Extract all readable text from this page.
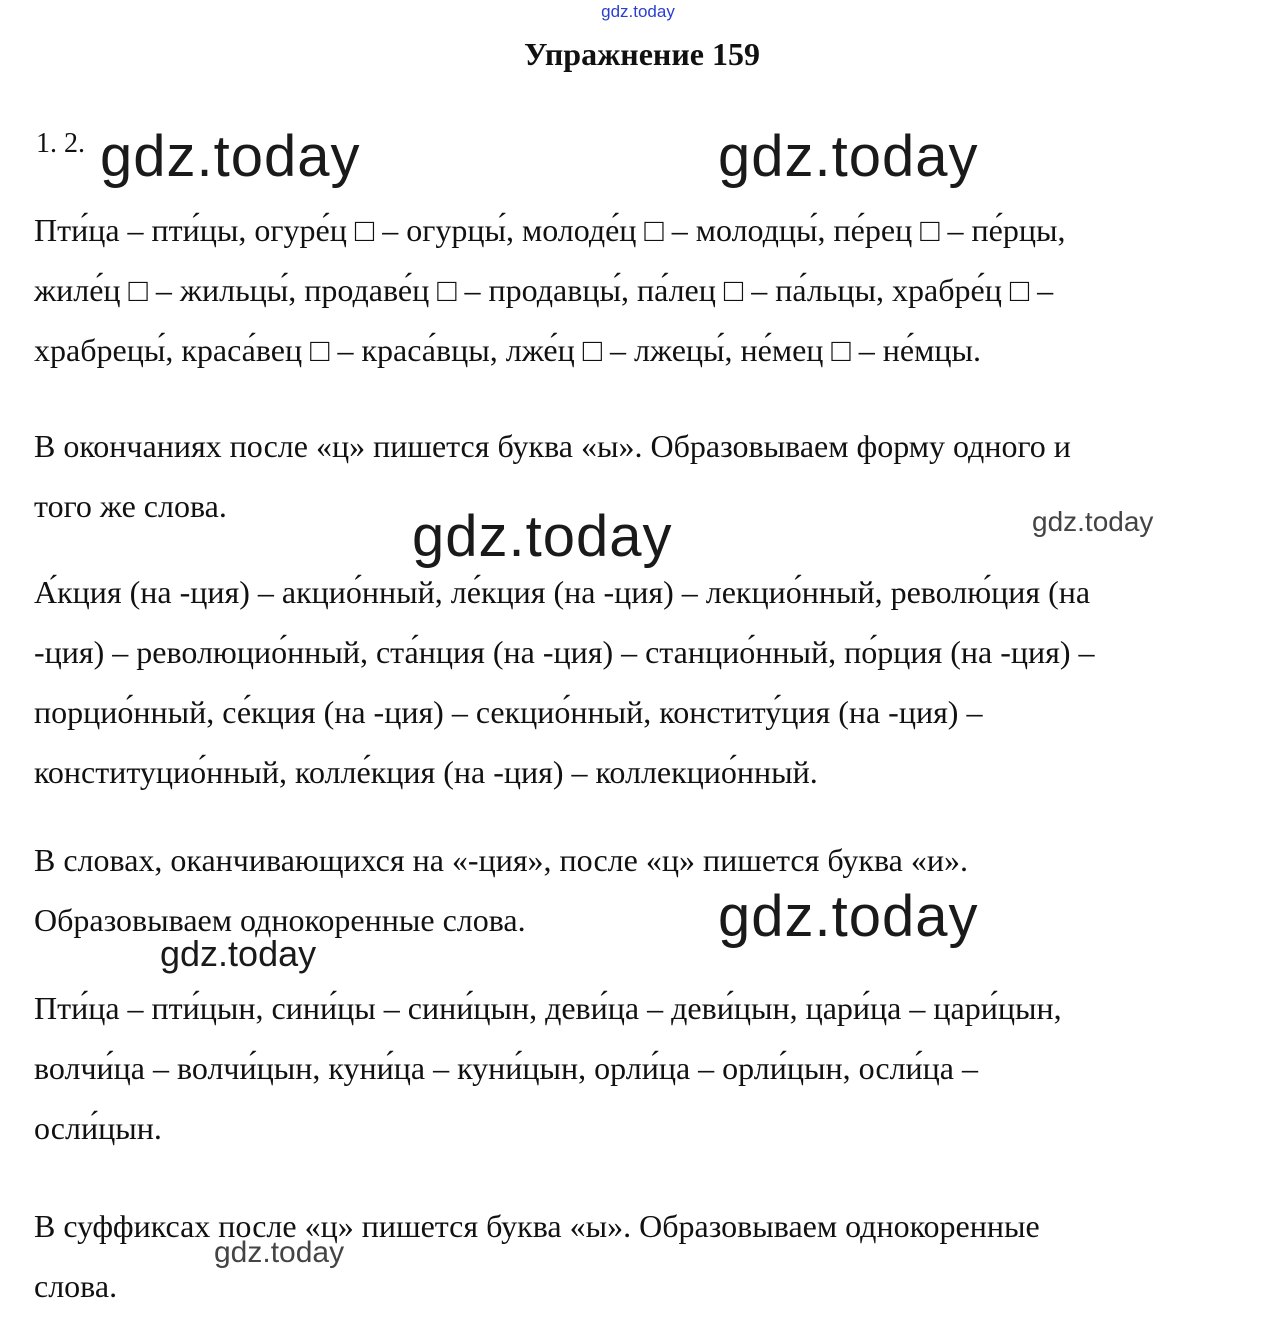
gdz.today
Упражнение 159
1. 2. gdz.today	gdz.today

Пти́ца – пти́цы, огуре́ц □ – огурцы́, молоде́ц □ – молодцы́, пе́рец □ – пе́рцы,

жиле́ц □ – жильцы́, продаве́ц □ – продавцы́, па́лец □ – па́льцы, храбре́ц □ –

храбрецы́, краса́вец □ – краса́вцы, лже́ц □ – лжецы́, не́мец □ – не́мцы.

В окончаниях после «ц» пишется буква «ы». Образовываем форму одного и

того же слова.	gdz.today	gdz.today

А́кция (на -ция) – акцио́нный, ле́кция (на -ция) – лекцио́нный, револю́ция (на

-ция) – революцио́нный, ста́нция (на -ция) – станцио́нный, по́рция (на -ция) –

порцио́нный, се́кция (на -ция) – секцио́нный, конститу́ция (на -ция) –

конституцио́нный, колле́кция (на -ция) – коллекцио́нный.

В словах, оканчивающихся на «-ция», после «ц» пишется буква «и».

Образовываем однокоренные слова.	gdz.today
gdz.today

Пти́ца – пти́цын, сини́цы – сини́цын, деви́ца – деви́цын, цари́ца – цари́цын,

волчи́ца – волчи́цын, куни́ца – куни́цын, орли́ца – орли́цын, осли́ца –

осли́цын.

В суффиксах после «ц» пишется буква «ы». Образовываем однокоренные

слова.

gdz.today
